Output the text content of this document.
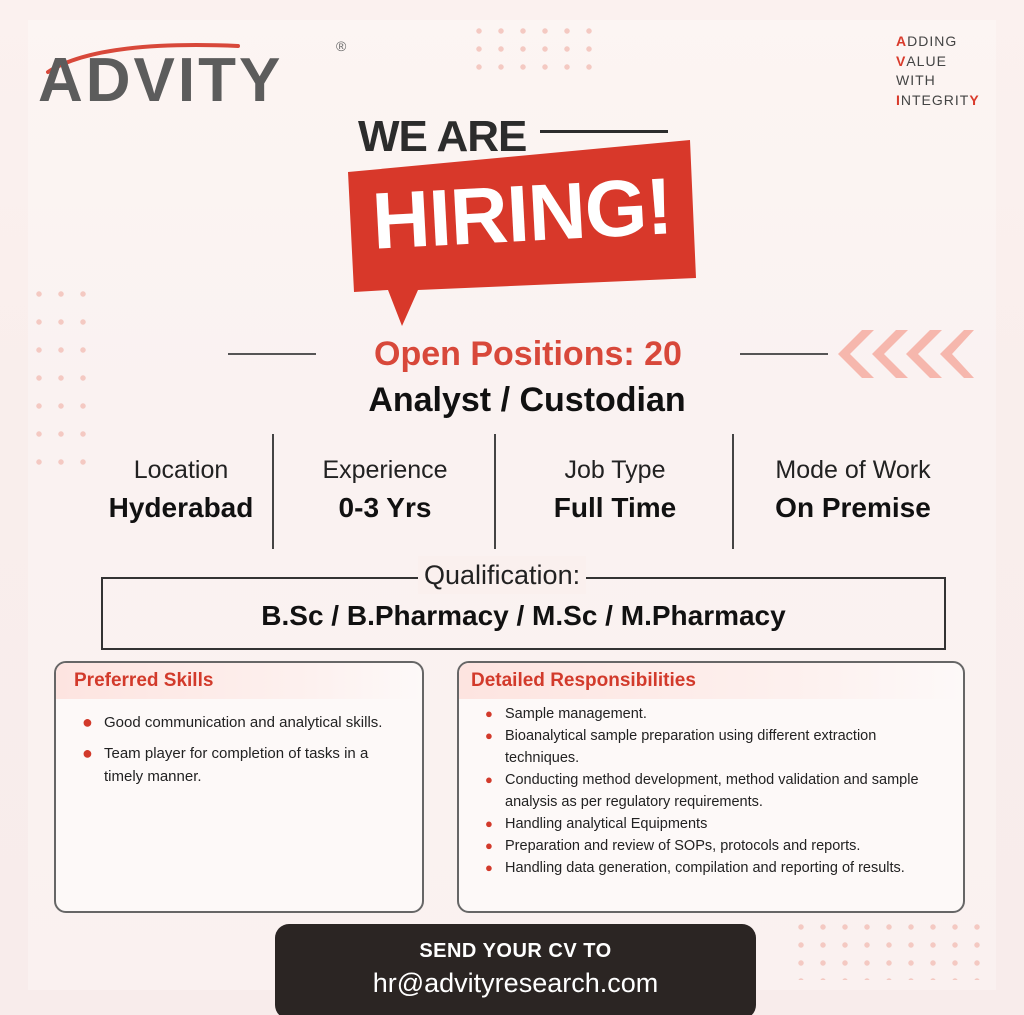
ADVITY	®	ADDING
VALUE
WITH
INTEGRITY
WE ARE
HIRING!
Open Positions: 20
Analyst / Custodian
Location
Hyderabad
Experience
0-3 Yrs
Job Type
Full Time
Mode of Work
On Premise
Qualification:
B.Sc / B.Pharmacy / M.Sc / M.Pharmacy
Preferred Skills
● Good communication and analytical skills.
● Team player for completion of tasks in a timely manner.
Detailed Responsibilities
● Sample management.
● Bioanalytical sample preparation using different extraction techniques.
● Conducting method development, method validation and sample analysis as per regulatory requirements.
● Handling analytical Equipments
● Preparation and review of SOPs, protocols and reports.
● Handling data generation, compilation and reporting of results.
SEND YOUR CV TO
hr@advityresearch.com
